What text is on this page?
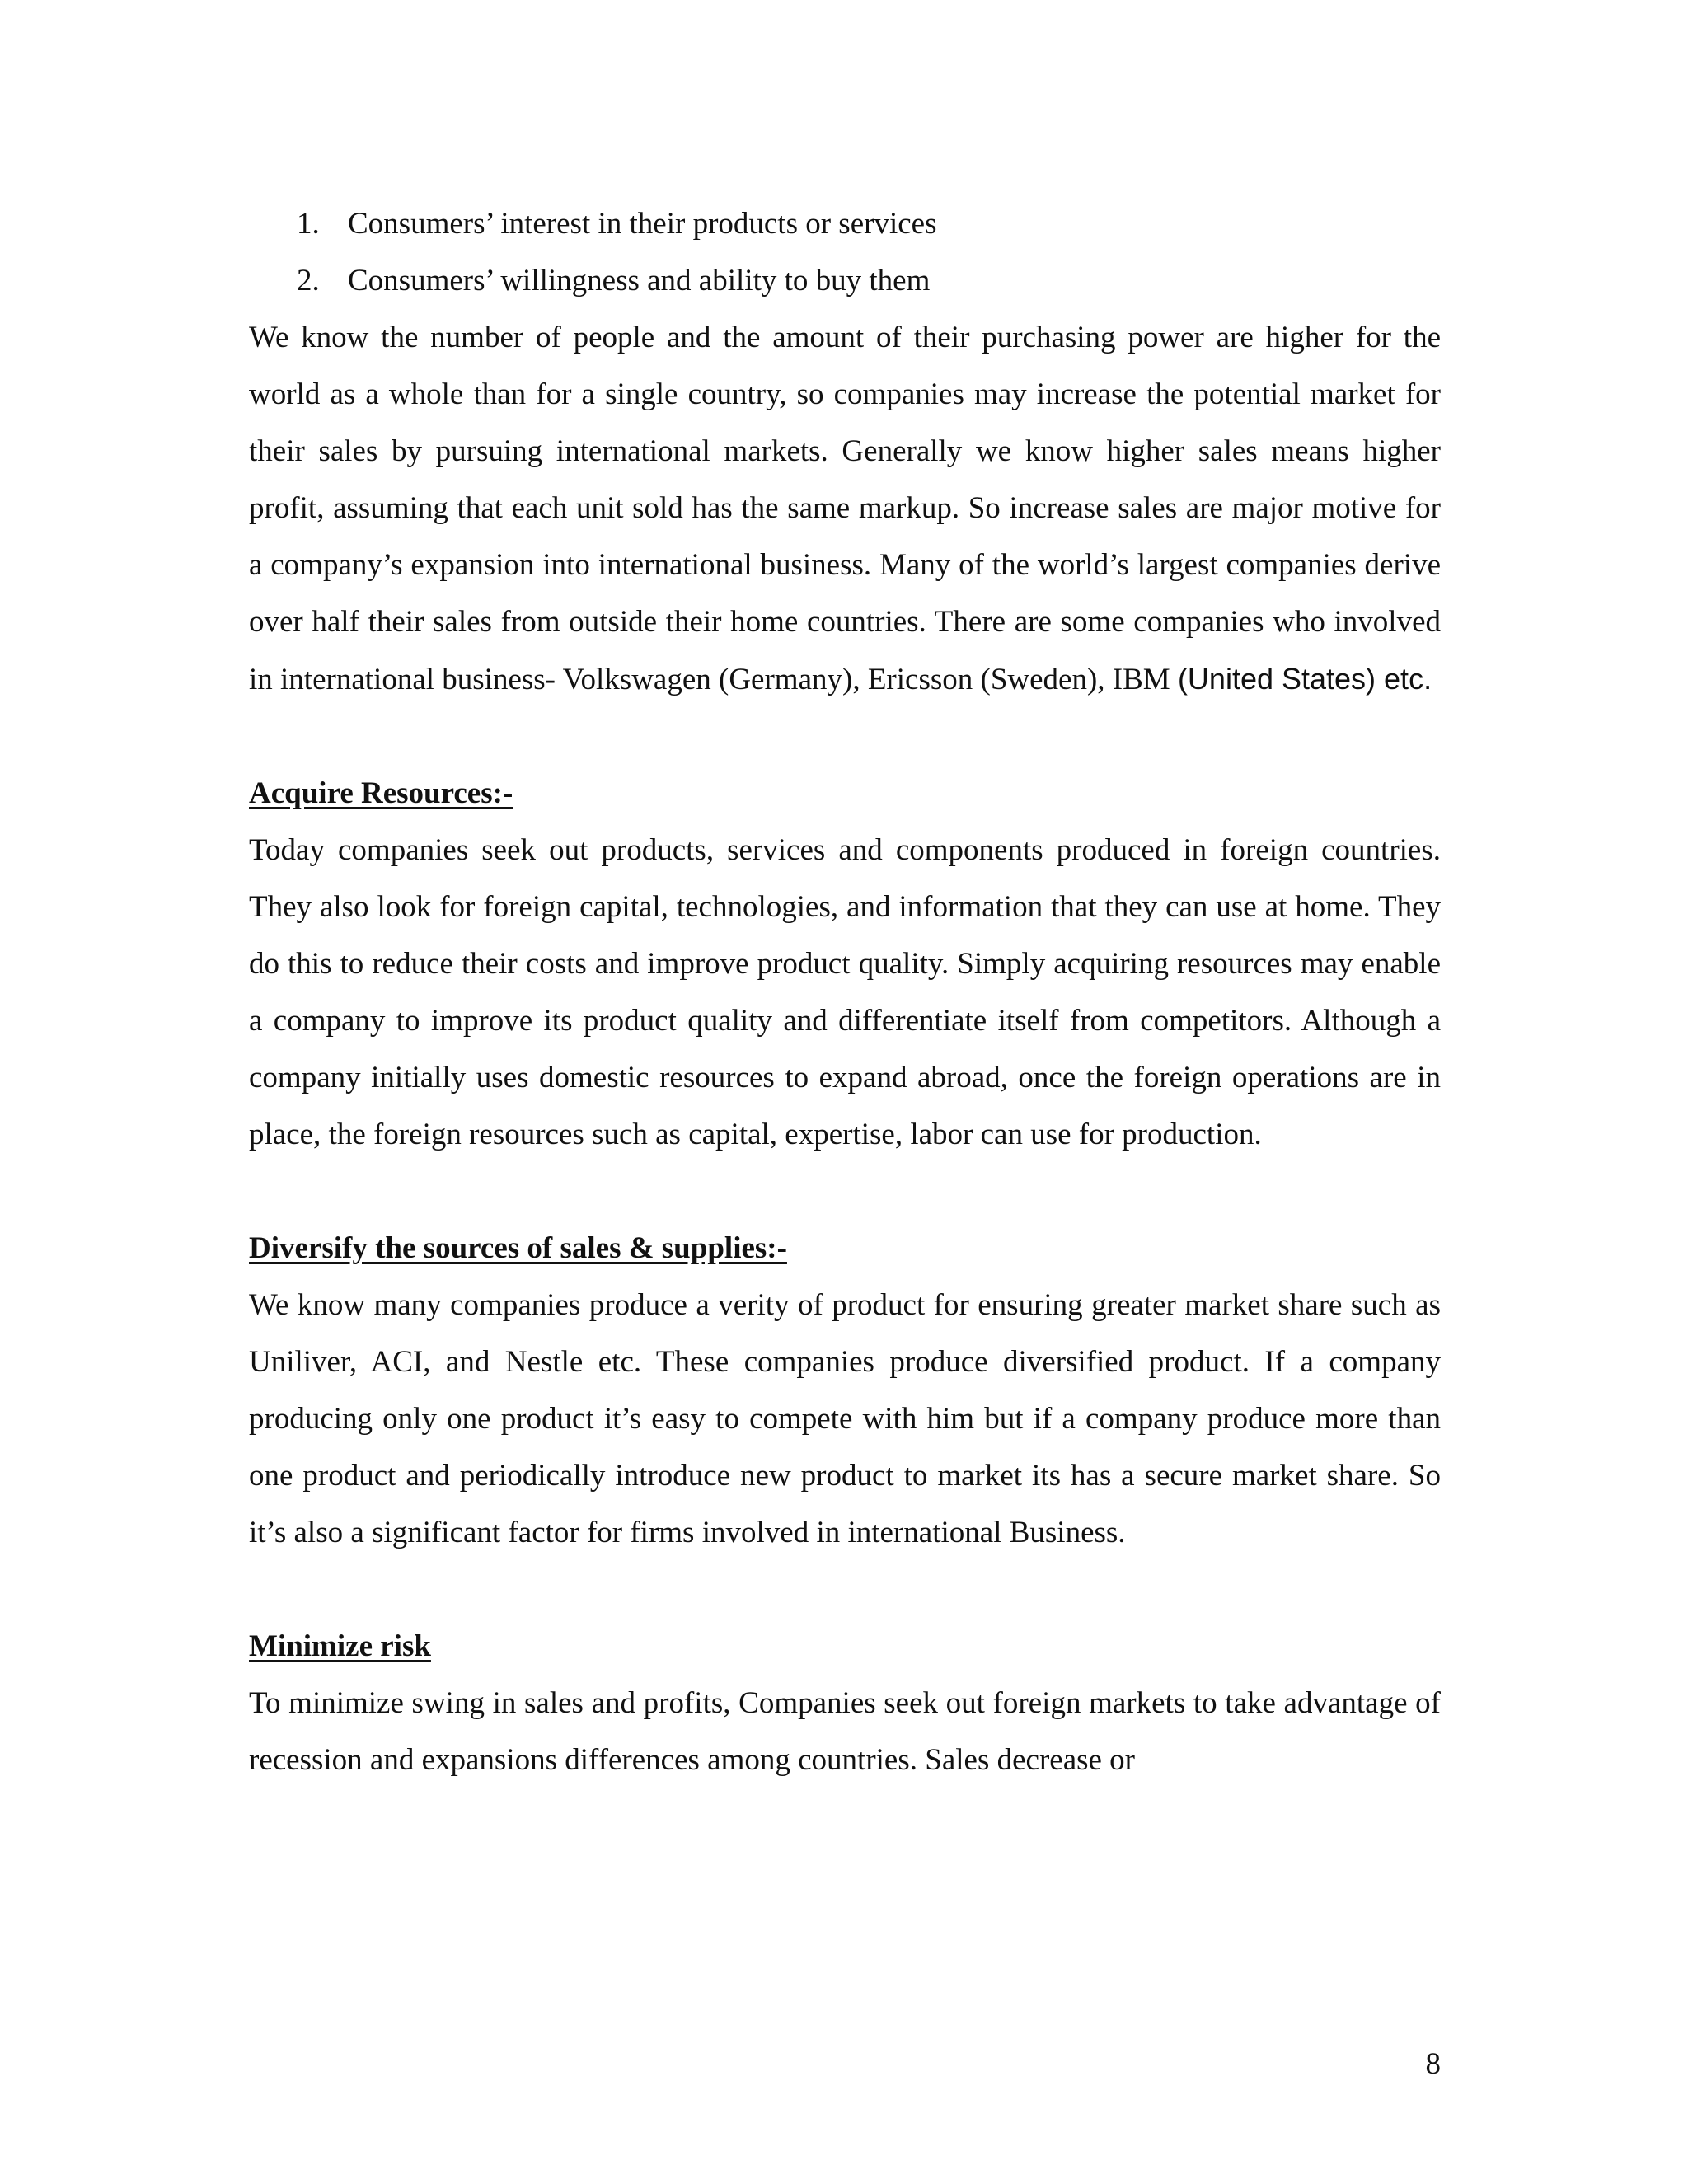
1. Consumers’ interest in their products or services
2. Consumers’ willingness and ability to buy them

We know the number of people and the amount of their purchasing power are higher for the world as a whole than for a single country, so companies may increase the potential market for their sales by pursuing international markets. Generally we know higher sales means higher profit, assuming that each unit sold has the same markup. So increase sales are major motive for a company’s expansion into international business. Many of the world’s largest companies derive over half their sales from outside their home countries. There are some companies who involved in international business- Volkswagen (Germany), Ericsson (Sweden), IBM (United States) etc.

Acquire Resources:-

Today companies seek out products, services and components produced in foreign countries. They also look for foreign capital, technologies, and information that they can use at home. They do this to reduce their costs and improve product quality. Simply acquiring resources may enable a company to improve its product quality and differentiate itself from competitors. Although a company initially uses domestic resources to expand abroad, once the foreign operations are in place, the foreign resources such as capital, expertise, labor can use for production.

Diversify the sources of sales & supplies:-

We know many companies produce a verity of product for ensuring greater market share such as Uniliver, ACI, and Nestle etc. These companies produce diversified product. If a company producing only one product it’s easy to compete with him but if a company produce more than one product and periodically introduce new product to market its has a secure market share. So it’s also a significant factor for firms involved in international Business.

Minimize risk

To minimize swing in sales and profits, Companies seek out foreign markets to take advantage of recession and expansions differences among countries. Sales decrease or

8
